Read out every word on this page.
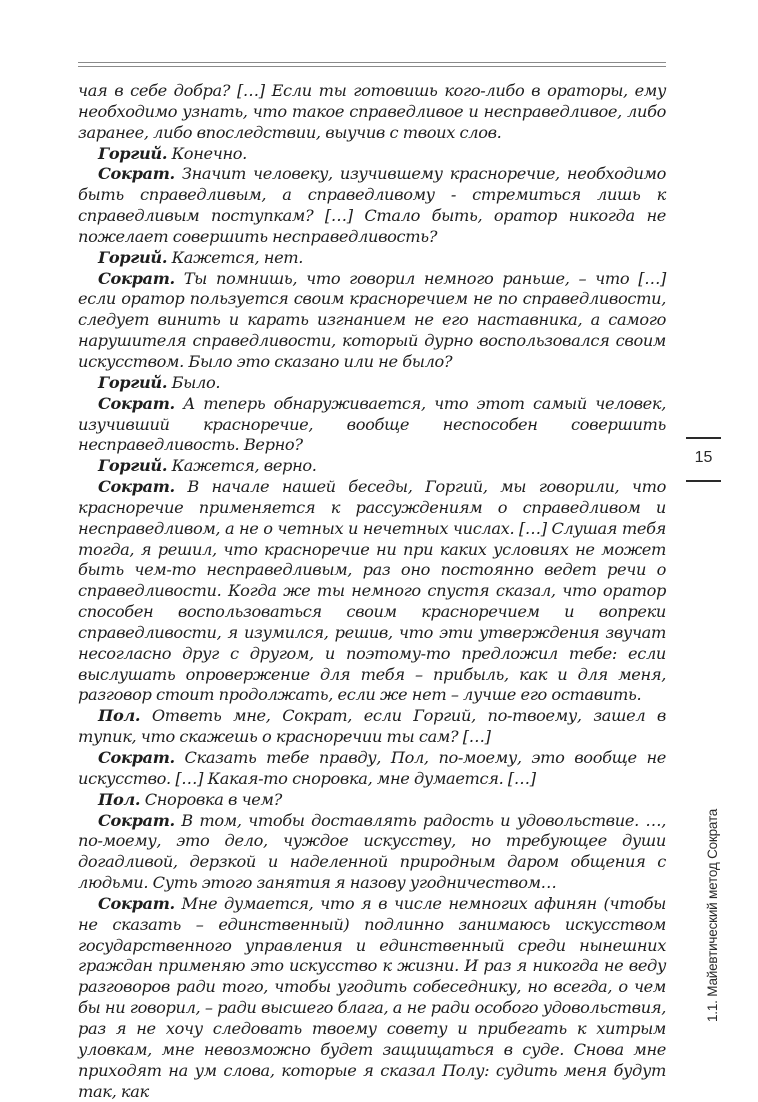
чая в себе добра? […] Если ты готовишь кого-либо в ораторы, ему необходимо узнать, что такое справедливое и несправедливое, либо заранее, либо впоследствии, выучив с твоих слов.

Горгий. Конечно.

Сократ. Значит человеку, изучившему красноречие, необходимо быть справедливым, а справедливому - стремиться лишь к справедливым поступкам? […] Стало быть, оратор никогда не пожелает совершить несправедливость?

Горгий. Кажется, нет.

Сократ. Ты помнишь, что говорил немного раньше, – что […] если оратор пользуется своим красноречием не по справедливости, следует винить и карать изгнанием не его наставника, а самого нарушителя справедливости, который дурно воспользовался своим искусством. Было это сказано или не было?

Горгий. Было.

Сократ. А теперь обнаруживается, что этот самый человек, изучивший красноречие, вообще неспособен совершить несправедливость. Верно?

Горгий. Кажется, верно.

Сократ. В начале нашей беседы, Горгий, мы говорили, что красноречие применяется к рассуждениям о справедливом и несправедливом, а не о четных и нечетных числах. […] Слушая тебя тогда, я решил, что красноречие ни при каких условиях не может быть чем-то несправедливым, раз оно постоянно ведет речи о справедливости. Когда же ты немного спустя сказал, что оратор способен воспользоваться своим красноречием и вопреки справедливости, я изумился, решив, что эти утверждения звучат несогласно друг с другом, и поэтому-то предложил тебе: если выслушать опровержение для тебя – прибыль, как и для меня, разговор стоит продолжать, если же нет – лучше его оставить.

Пол. Ответь мне, Сократ, если Горгий, по-твоему, зашел в тупик, что скажешь о красноречии ты сам? […]

Сократ. Сказать тебе правду, Пол, по-моему, это вообще не искусство. […] Какая-то сноровка, мне думается. […]

Пол. Сноровка в чем?

Сократ. В том, чтобы доставлять радость и удовольствие. …, по-моему, это дело, чуждое искусству, но требующее души догадливой, дерзкой и наделенной природным даром общения с людьми. Суть этого занятия я назову угодничеством…

Сократ. Мне думается, что я в числе немногих афинян (чтобы не сказать – единственный) подлинно занимаюсь искусством государственного управления и единственный среди нынешних граждан применяю это искусство к жизни. И раз я никогда не веду разговоров ради того, чтобы угодить собеседнику, но всегда, о чем бы ни говорил, – ради высшего блага, а не ради особого удовольствия, раз я не хочу следовать твоему совету и прибегать к хитрым уловкам, мне невозможно будет защищаться в суде. Снова мне приходят на ум слова, которые я сказал Полу: судить меня будут так, как

15
1.1. Майевтический метод Сократа
